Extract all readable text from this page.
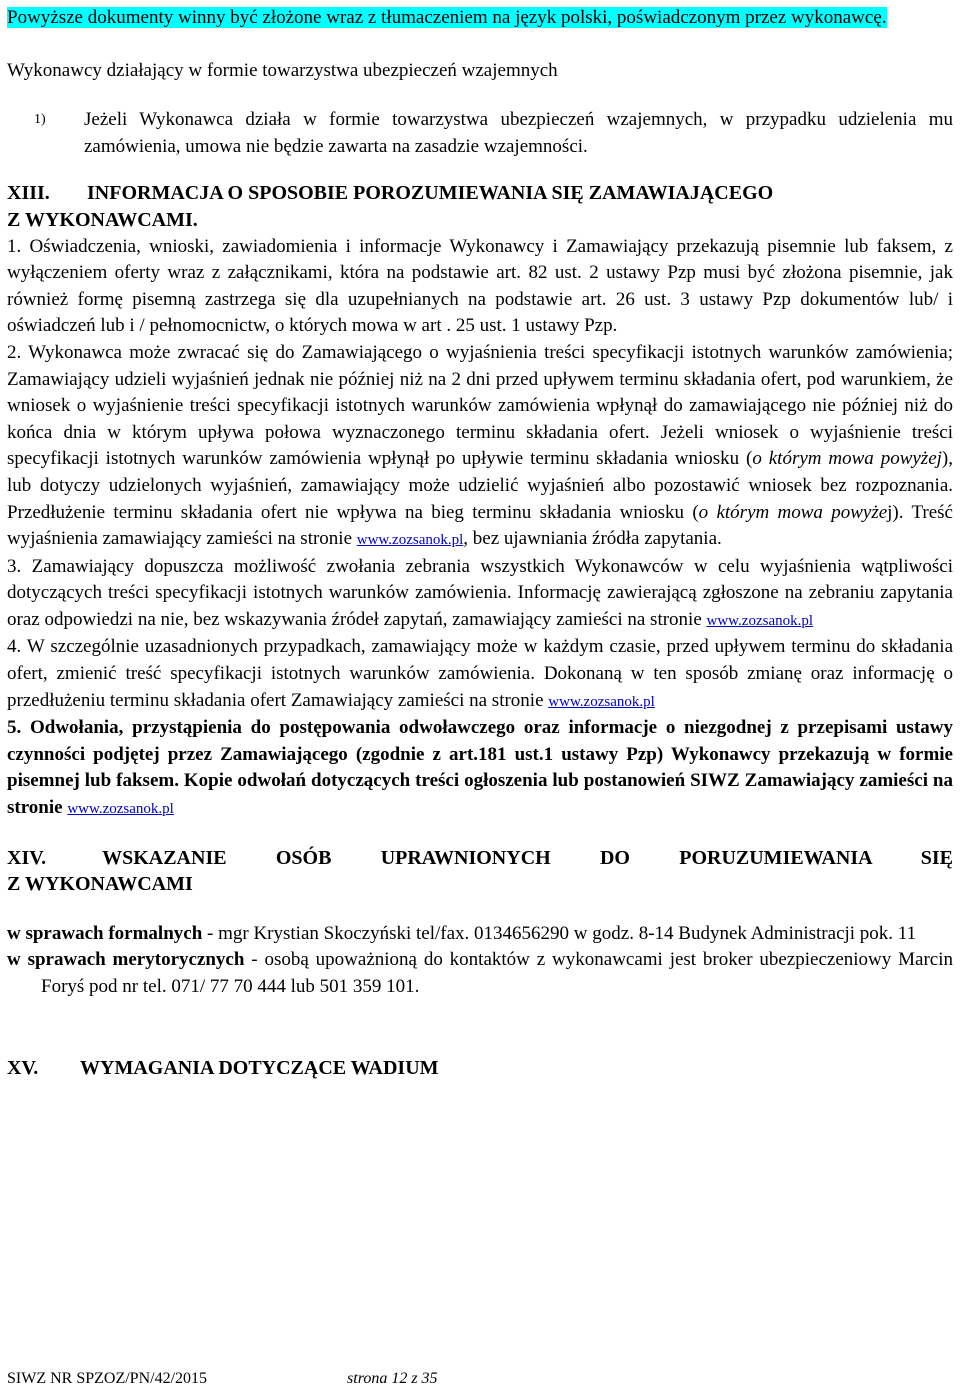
Powyższe dokumenty winny być złożone wraz z tłumaczeniem na język polski, poświadczonym przez wykonawcę.
Wykonawcy działający w formie towarzystwa ubezpieczeń wzajemnych
1) Jeżeli Wykonawca działa w formie towarzystwa ubezpieczeń wzajemnych, w przypadku udzielenia mu zamówienia, umowa nie będzie zawarta na zasadzie wzajemności.
XIII. INFORMACJA O SPOSOBIE POROZUMIEWANIA SIĘ ZAMAWIAJĄCEGO
Z WYKONAWCAMI.
1. Oświadczenia, wnioski, zawiadomienia i informacje Wykonawcy i Zamawiający przekazują pisemnie lub faksem, z wyłączeniem oferty wraz z załącznikami, która na podstawie art. 82 ust. 2 ustawy Pzp musi być złożona pisemnie, jak również formę pisemną zastrzega się dla uzupełnianych na podstawie art. 26 ust. 3 ustawy Pzp dokumentów lub/ i oświadczeń lub i / pełnomocnictw, o których mowa w art . 25 ust. 1 ustawy Pzp.
2. Wykonawca może zwracać się do Zamawiającego o wyjaśnienia treści specyfikacji istotnych warunków zamówienia; Zamawiający udzieli wyjaśnień jednak nie później niż na 2 dni przed upływem terminu składania ofert, pod warunkiem, że wniosek o wyjaśnienie treści specyfikacji istotnych warunków zamówienia wpłynął do zamawiającego nie później niż do końca dnia w którym upływa połowa wyznaczonego terminu składania ofert. Jeżeli wniosek o wyjaśnienie treści specyfikacji istotnych warunków zamówienia wpłynął po upływie terminu składania wniosku (o którym mowa powyżej), lub dotyczy udzielonych wyjaśnień, zamawiający może udzielić wyjaśnień albo pozostawić wniosek bez rozpoznania. Przedłużenie terminu składania ofert nie wpływa na bieg terminu składania wniosku (o którym mowa powyżej). Treść wyjaśnienia zamawiający zamieści na stronie www.zozsanok.pl, bez ujawniania źródła zapytania.
3. Zamawiający dopuszcza możliwość zwołania zebrania wszystkich Wykonawców w celu wyjaśnienia wątpliwości dotyczących treści specyfikacji istotnych warunków zamówienia. Informację zawierającą zgłoszone na zebraniu zapytania oraz odpowiedzi na nie, bez wskazywania źródeł zapytań, zamawiający zamieści na stronie www.zozsanok.pl
4. W szczególnie uzasadnionych przypadkach, zamawiający może w każdym czasie, przed upływem terminu do składania ofert, zmienić treść specyfikacji istotnych warunków zamówienia. Dokonaną w ten sposób zmianę oraz informację o przedłużeniu terminu składania ofert Zamawiający zamieści na stronie www.zozsanok.pl
5. Odwołania, przystąpienia do postępowania odwoławczego oraz informacje o niezgodnej z przepisami ustawy czynności podjętej przez Zamawiającego (zgodnie z art.181 ust.1 ustawy Pzp) Wykonawcy przekazują w formie pisemnej lub faksem. Kopie odwołań dotyczących treści ogłoszenia lub postanowień SIWZ Zamawiający zamieści na stronie www.zozsanok.pl
XIV.	WSKAZANIE OSÓB UPRAWNIONYCH DO PORUZUMIEWANIA SIĘ
Z WYKONAWCAMI
w sprawach formalnych - mgr Krystian Skoczyński tel/fax. 0134656290 w godz. 8-14 Budynek Administracji pok. 11
w sprawach merytorycznych - osobą upoważnioną do kontaktów z wykonawcami jest broker ubezpieczeniowy Marcin Foryś pod nr tel. 071/ 77 70 444 lub 501 359 101.
XV. WYMAGANIA DOTYCZĄCE WADIUM
SIWZ NR SPZOZ/PN/42/2015	strona 12 z 35
